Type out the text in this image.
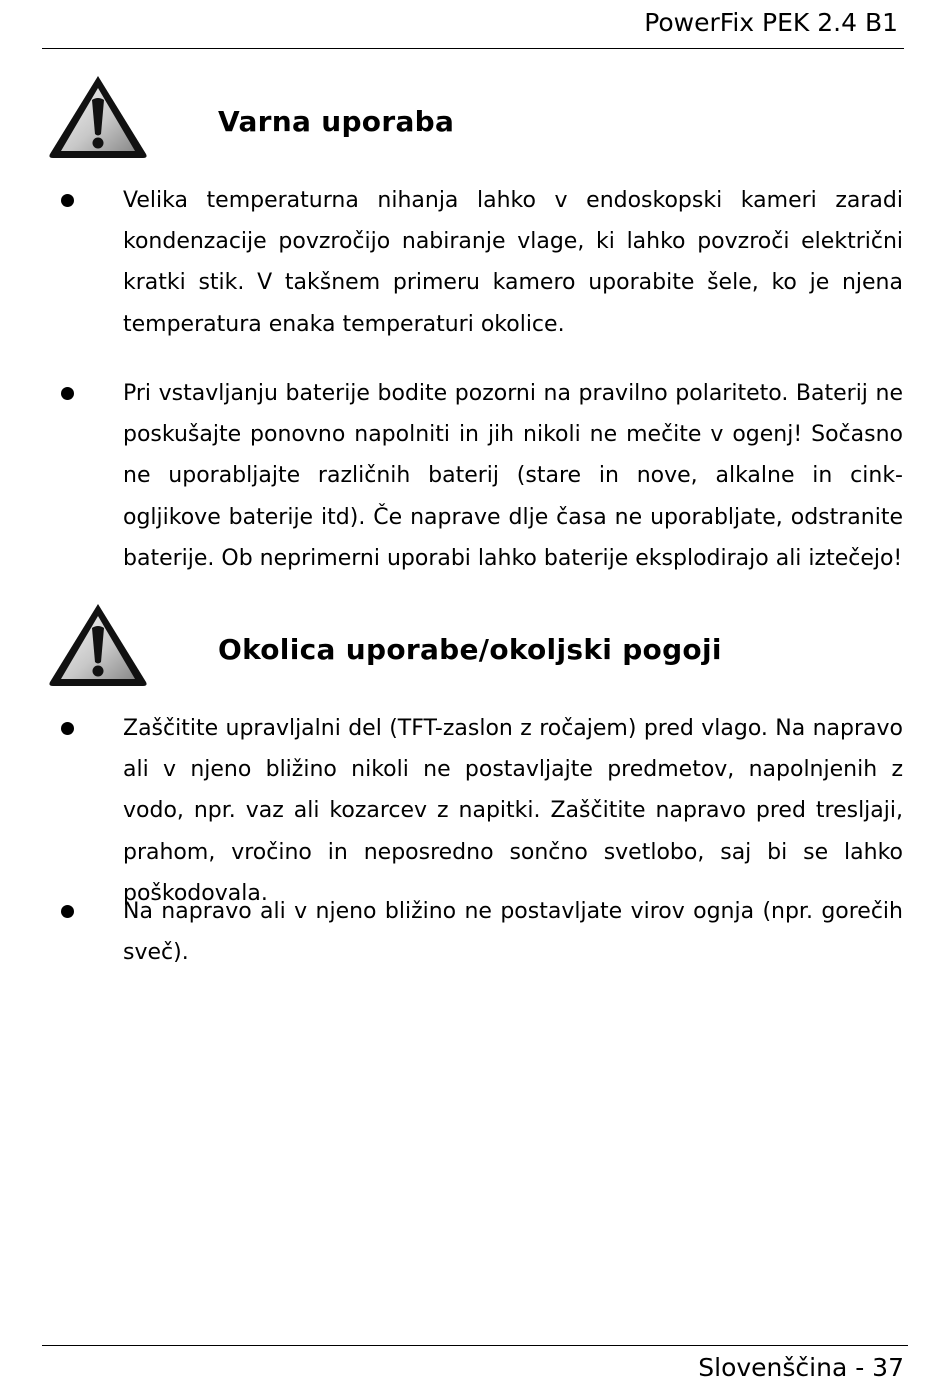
PowerFix PEK 2.4 B1
Varna uporaba

Velika temperaturna nihanja lahko v endoskopski kameri zaradi kondenzacije povzročijo nabiranje vlage, ki lahko povzroči električni kratki stik. V takšnem primeru kamero uporabite šele, ko je njena temperatura enaka temperaturi okolice.

Pri vstavljanju baterije bodite pozorni na pravilno polariteto. Baterij ne poskušajte ponovno napolniti in jih nikoli ne mečite v ogenj! Sočasno ne uporabljajte različnih baterij (stare in nove, alkalne in cink-ogljikove baterije itd). Če naprave dlje časa ne uporabljate, odstranite baterije. Ob neprimerni uporabi lahko baterije eksplodirajo ali iztečejo!

Okolica uporabe/okoljski pogoji

Zaščitite upravljalni del (TFT-zaslon z ročajem) pred vlago. Na napravo ali v njeno bližino nikoli ne postavljajte predmetov, napolnjenih z vodo, npr. vaz ali kozarcev z napitki. Zaščitite napravo pred tresljaji, prahom, vročino in neposredno sončno svetlobo, saj bi se lahko poškodovala.

Na napravo ali v njeno bližino ne postavljate virov ognja (npr. gorečih sveč).

Slovenščina - 37
